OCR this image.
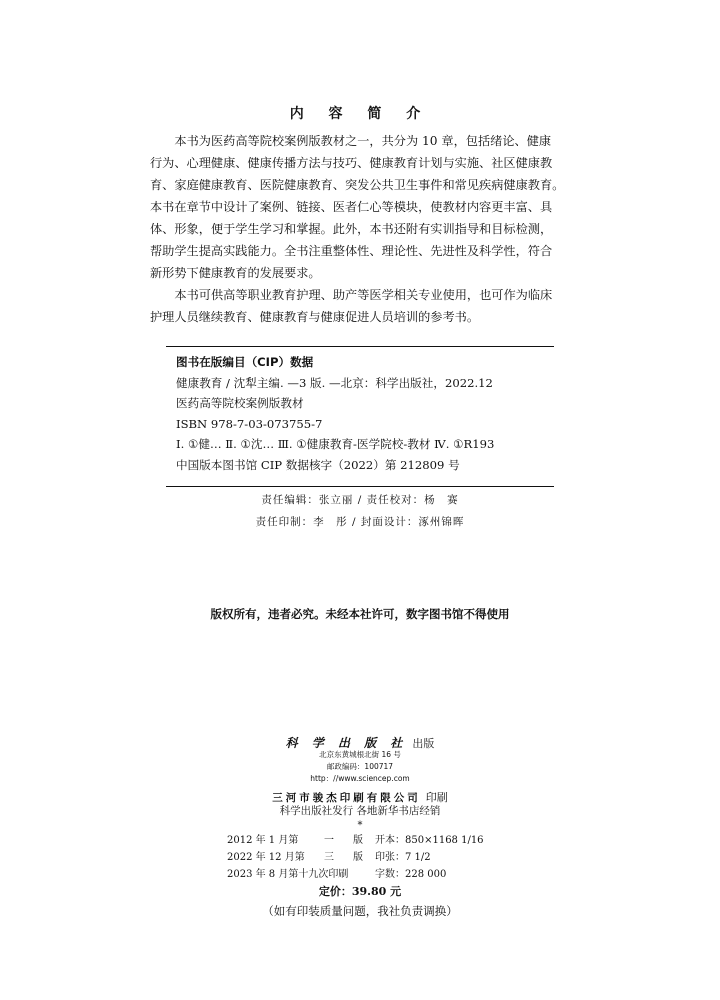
内 容 简 介

本书为医药高等院校案例版教材之一，共分为 10 章，包括绪论、健康

行为、心理健康、健康传播方法与技巧、健康教育计划与实施、社区健康教
育、家庭健康教育、医院健康教育、突发公共卫生事件和常见疾病健康教育。
本书在章节中设计了案例、链接、医者仁心等模块，使教材内容更丰富、具
体、形象，便于学生学习和掌握。此外，本书还附有实训指导和目标检测，
帮助学生提高实践能力。全书注重整体性、理论性、先进性及科学性，符合
新形势下健康教育的发展要求。

本书可供高等职业教育护理、助产等医学相关专业使用，也可作为临床

护理人员继续教育、健康教育与健康促进人员培训的参考书。
图书在版编目（CIP）数据
健康教育 / 沈犁主编. —3 版. —北京：科学出版社，2022.12
医药高等院校案例版教材
ISBN 978-7-03-073755-7
Ⅰ. ①健… Ⅱ. ①沈… Ⅲ. ①健康教育-医学院校-教材 Ⅳ. ①R193
中国版本图书馆 CIP 数据核字（2022）第 212809 号
责任编辑：张立丽 / 责任校对：杨　赛
责任印制：李　彤 / 封面设计：涿州锦晖
版权所有，违者必究。未经本社许可，数字图书馆不得使用
科 学 出 版 社 出版
北京东黄城根北街 16 号
邮政编码：100717
http：//www.sciencep.com
三河市骏杰印刷有限公司 印刷
科学出版社发行 各地新华书店经销
*
2012 年 1 月第	一 版 开本：850×1168 1/16
2022 年 12 月第 三 版 印张：7 1/2
2023 年 8 月第十九次印刷	字数：228 000
定价：39.80 元
（如有印装质量问题，我社负责调换）
